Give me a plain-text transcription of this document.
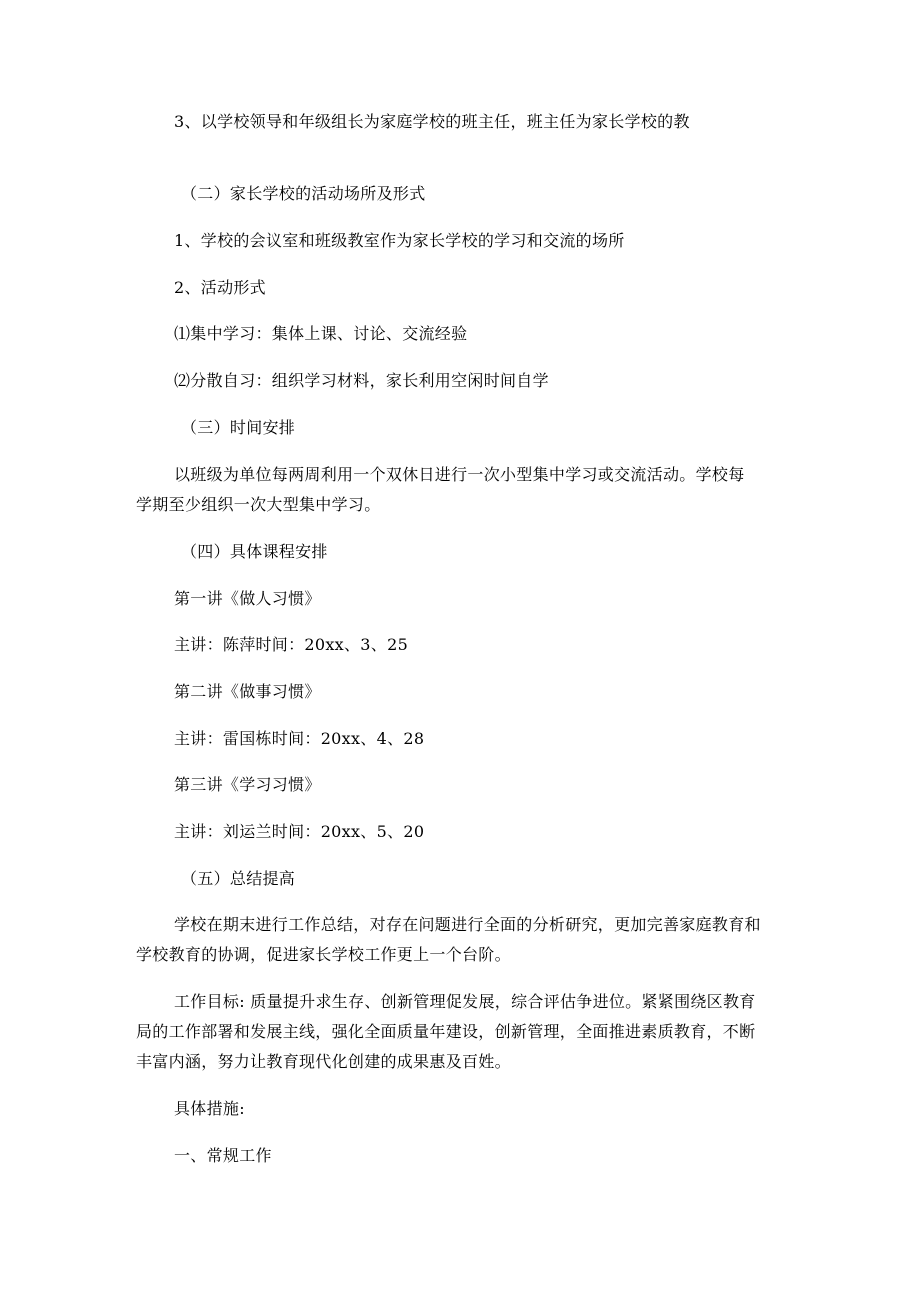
3、以学校领导和年级组长为家庭学校的班主任，班主任为家长学校的教
（二）家长学校的活动场所及形式
1、学校的会议室和班级教室作为家长学校的学习和交流的场所
2、活动形式
⑴集中学习：集体上课、讨论、交流经验
⑵分散自习：组织学习材料，家长利用空闲时间自学
（三）时间安排
以班级为单位每两周利用一个双休日进行一次小型集中学习或交流活动。学校每
学期至少组织一次大型集中学习。
（四）具体课程安排
第一讲《做人习惯》
主讲：陈萍时间：20xx、3、25
第二讲《做事习惯》
主讲：雷国栋时间：20xx、4、28
第三讲《学习习惯》
主讲：刘运兰时间：20xx、5、20
（五）总结提高
学校在期末进行工作总结，对存在问题进行全面的分析研究，更加完善家庭教育和
学校教育的协调，促进家长学校工作更上一个台阶。
工作目标: 质量提升求生存、创新管理促发展，综合评估争进位。紧紧围绕区教育
局的工作部署和发展主线，强化全面质量年建设，创新管理，全面推进素质教育，不断
丰富内涵，努力让教育现代化创建的成果惠及百姓。
具体措施:
一、常规工作
